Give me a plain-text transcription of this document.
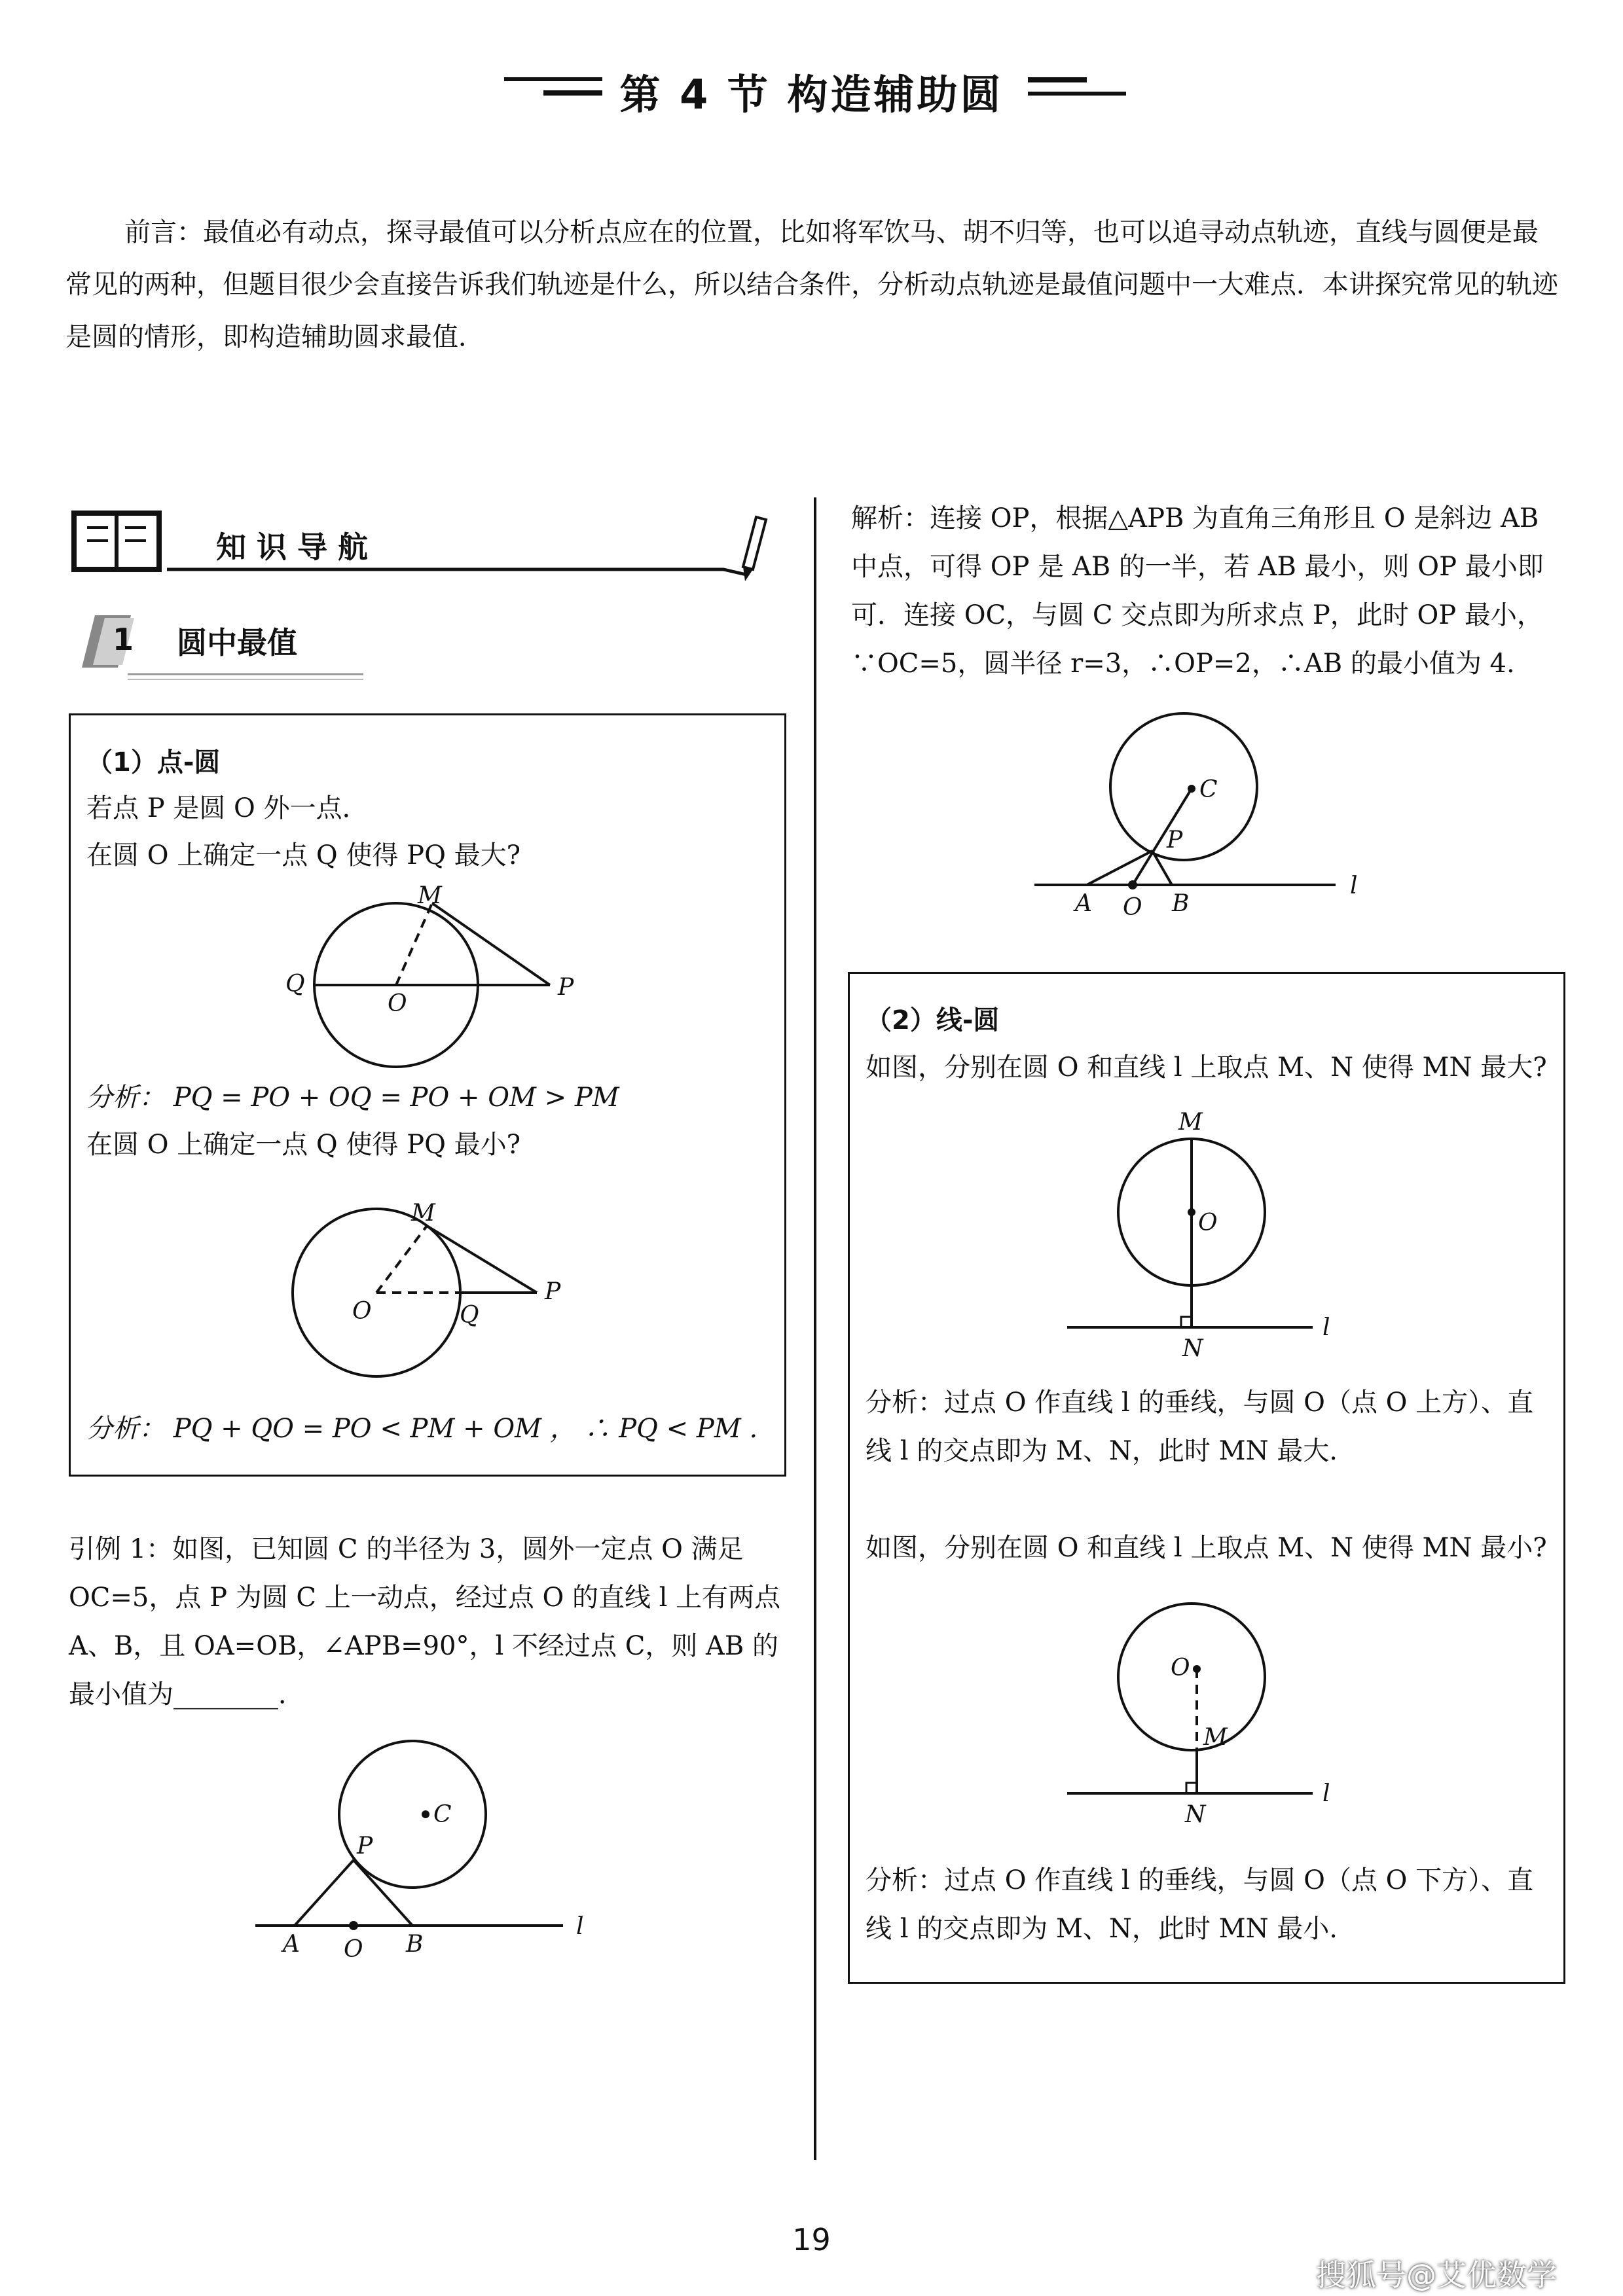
第 4 节 构造辅助圆
前言：最值必有动点，探寻最值可以分析点应在的位置，比如将军饮马、胡不归等，也可以追寻动点轨迹，直线与圆便是最常见的两种，但题目很少会直接告诉我们轨迹是什么，所以结合条件，分析动点轨迹是最值问题中一大难点．本讲探究常见的轨迹是圆的情形，即构造辅助圆求最值．
知识导航
1 圆中最值
（1）点-圆
若点 P 是圆 O 外一点．
在圆 O 上确定一点 Q 使得 PQ 最大?
Q
O
M
P
分析： PQ = PO + OQ = PO + OM > PM
在圆 O 上确定一点 Q 使得 PQ 最小?
M
O	Q
P
分析： PQ + QO = PO < PM + OM ， ∴ PQ < PM .
引例 1：如图，已知圆 C 的半径为 3，圆外一定点 O 满足 OC=5，点 P 为圆 C 上一动点，经过点 O 的直线 l 上有两点 A、B，且 OA=OB，∠APB=90°，l 不经过点 C，则 AB 的最小值为________．
C
P
A O B
l
解析：连接 OP，根据△APB 为直角三角形且 O 是斜边 AB 中点，可得 OP 是 AB 的一半，若 AB 最小，则 OP 最小即可．连接 OC，与圆 C 交点即为所求点 P，此时 OP 最小，∵OC=5，圆半径 r=3，∴OP=2，∴AB 的最小值为 4.
C
P
A O B
l
（2）线-圆
如图，分别在圆 O 和直线 l 上取点 M、N 使得 MN 最大?
M
O
N
l
分析：过点 O 作直线 l 的垂线，与圆 O（点 O 上方）、直
线 l 的交点即为 M、N，此时 MN 最大.
如图，分别在圆 O 和直线 l 上取点 M、N 使得 MN 最小?
O
M
N
l
分析：过点 O 作直线 l 的垂线，与圆 O（点 O 下方）、直
线 l 的交点即为 M、N，此时 MN 最小.
19
搜狐号@艾优数学
